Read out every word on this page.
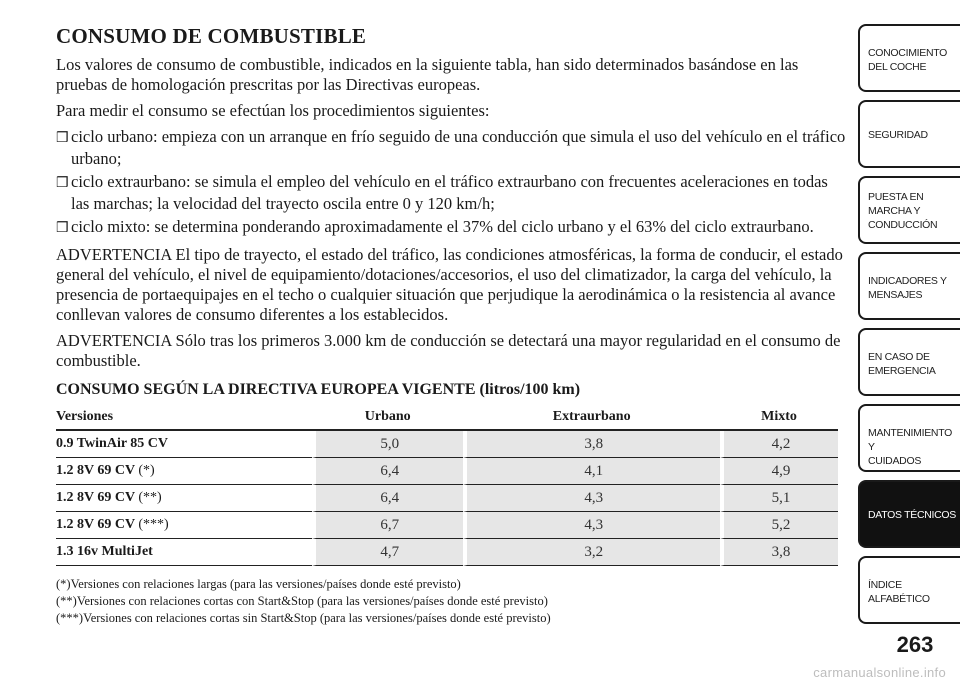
CONSUMO DE COMBUSTIBLE

Los valores de consumo de combustible, indicados en la siguiente tabla, han sido determinados basándose en las pruebas de homologación prescritas por las Directivas europeas.

Para medir el consumo se efectúan los procedimientos siguientes:

❒ ciclo urbano: empieza con un arranque en frío seguido de una conducción que simula el uso del vehículo en el tráfico urbano;
❒ ciclo extraurbano: se simula el empleo del vehículo en el tráfico extraurbano con frecuentes aceleraciones en todas las marchas; la velocidad del trayecto oscila entre 0 y 120 km/h;
❒ ciclo mixto: se determina ponderando aproximadamente el 37% del ciclo urbano y el 63% del ciclo extraurbano.

ADVERTENCIA El tipo de trayecto, el estado del tráfico, las condiciones atmosféricas, la forma de conducir, el estado general del vehículo, el nivel de equipamiento/dotaciones/accesorios, el uso del climatizador, la carga del vehículo, la presencia de portaequipajes en el techo o cualquier situación que perjudique la aerodinámica o la resistencia al avance conllevan valores de consumo diferentes a los establecidos.

ADVERTENCIA Sólo tras los primeros 3.000 km de conducción se detectará una mayor regularidad en el consumo de combustible.

CONSUMO SEGÚN LA DIRECTIVA EUROPEA VIGENTE (litros/100 km)
Versiones	Urbano	Extraurbano	Mixto
0.9 TwinAir 85 CV	5,0	3,8	4,2
1.2 8V 69 CV (*)	6,4	4,1	4,9
1.2 8V 69 CV (**)	6,4	4,3	5,1
1.2 8V 69 CV (***)	6,7	4,3	5,2
1.3 16v MultiJet	4,7	3,2	3,8
(*)Versiones con relaciones largas (para las versiones/países donde esté previsto)
(**)Versiones con relaciones cortas con Start&Stop (para las versiones/países donde esté previsto)
(***)Versiones con relaciones cortas sin Start&Stop (para las versiones/países donde esté previsto)
CONOCIMIENTO
DEL COCHE
SEGURIDAD
PUESTA EN
MARCHA Y
CONDUCCIÓN
INDICADORES Y
MENSAJES
EN CASO DE
EMERGENCIA
MANTENIMIENTO Y
CUIDADOS
DATOS TÉCNICOS
ÍNDICE
ALFABÉTICO
263
carmanualsonline.info
